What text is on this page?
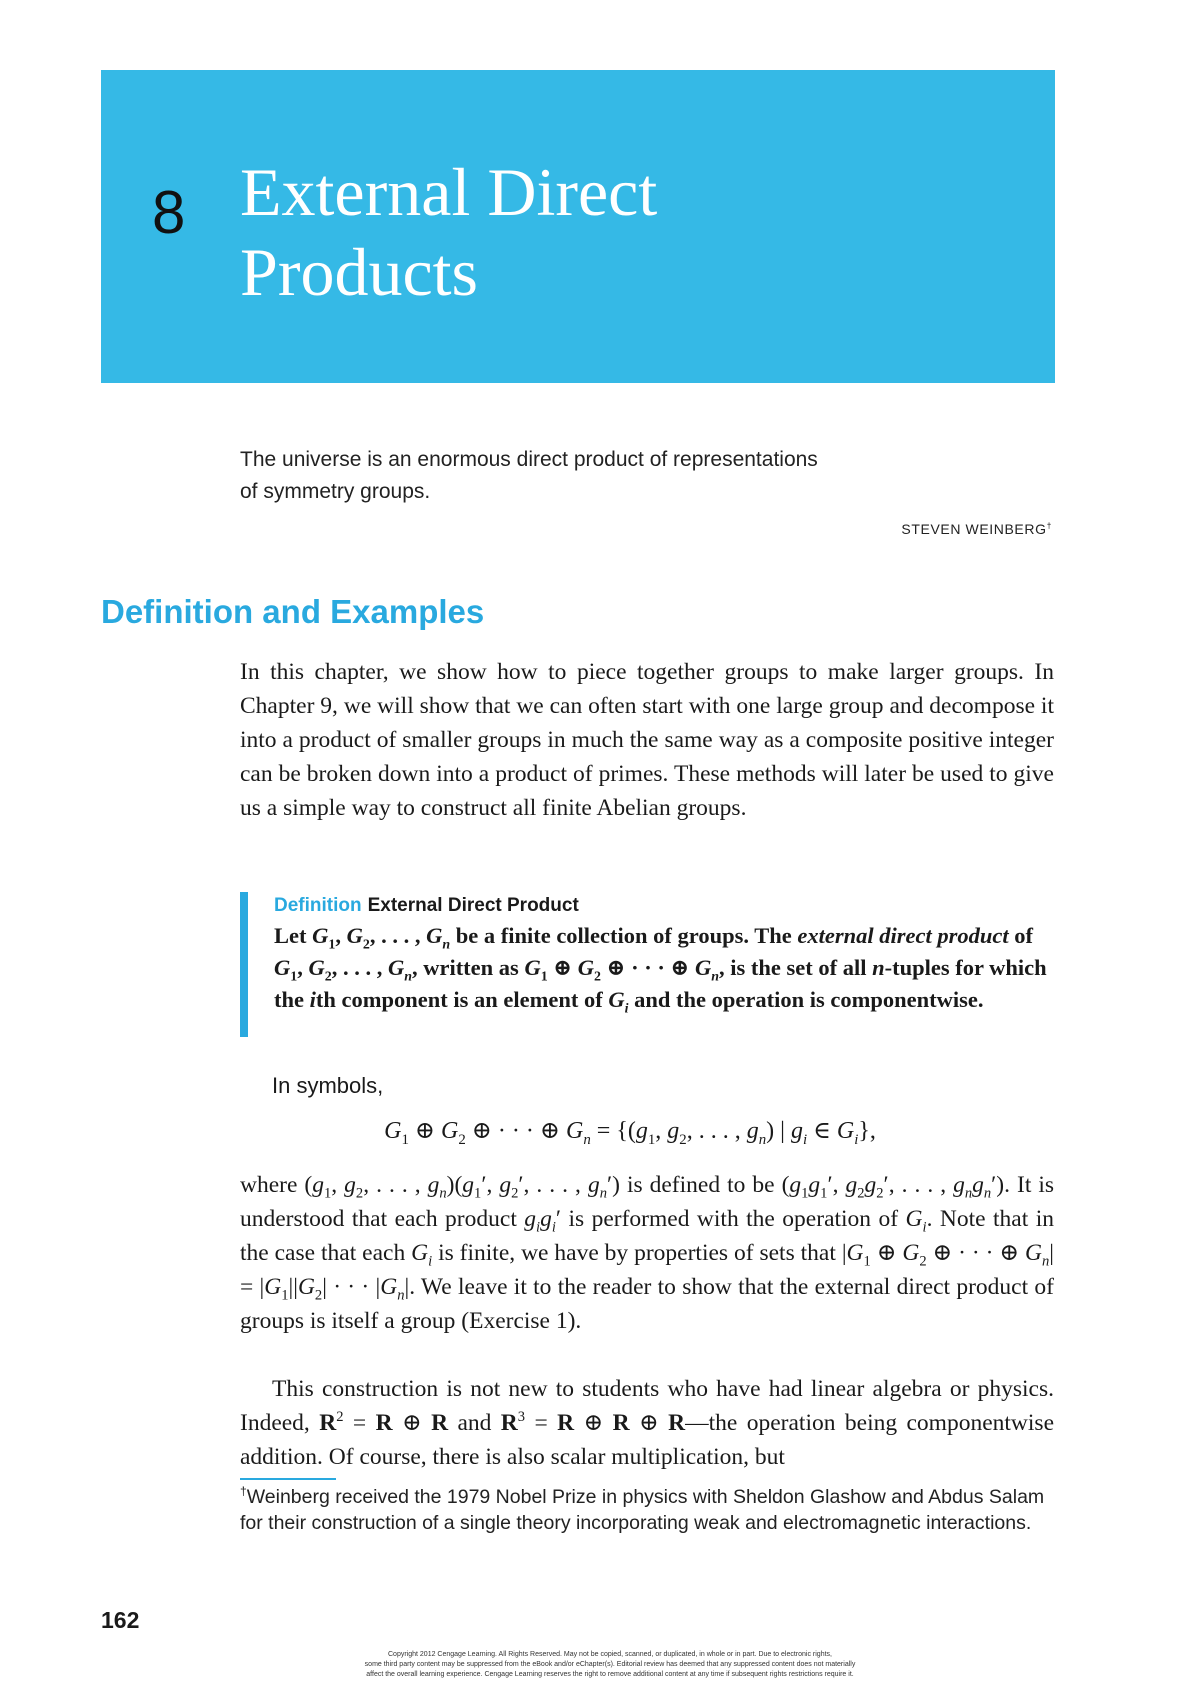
8 External Direct
Products
The universe is an enormous direct product of representations
of symmetry groups.
STEVEN WEINBERG†
Definition and Examples
In this chapter, we show how to piece together groups to make larger groups. In Chapter 9, we will show that we can often start with one large group and decompose it into a product of smaller groups in much the same way as a composite positive integer can be broken down into a product of primes. These methods will later be used to give us a simple way to construct all finite Abelian groups.
Definition External Direct Product
Let $G_1$, $G_2$, . . . , $G_n$ be a finite collection of groups. The external direct product of $G_1$, $G_2$, . . . , $G_n$, written as $G_1$ ⊕ $G_2$ ⊕ · · · ⊕ $G_n$, is the set of all n-tuples for which the ith component is an element of $G_i$ and the operation is componentwise.
In symbols,
$G_1$ ⊕ $G_2$ ⊕ · · · ⊕ $G_n = \{(g_1$, $g_2$, . . . , $g_n$) | $g_i$ ∈ $G_i$},
where ($g_1$, $g_2$, . . . , $g_n)(g_1'$, $g_2'$, . . . , $g_n'$) is defined to be ($g_1g_1'$, $g_2g_2'$, . . . , $g_ng_n'$). It is understood that each product $g_ig_i'$ is performed with the operation of $G_i$. Note that in the case that each $G_i$ is finite, we have by properties of sets that $|G_1$ ⊕ $G_2$ ⊕ · · · ⊕ $G_n| = |G_1||G_2|$ · · · $|G_n|$. We leave it to the reader to show that the external direct product of groups is itself a group (Exercise 1).
This construction is not new to students who have had linear algebra or physics. Indeed, $R^2 = R$ ⊕ R and $R^3 = R$ ⊕ R ⊕ R—the operation being componentwise addition. Of course, there is also scalar multiplication, but
†Weinberg received the 1979 Nobel Prize in physics with Sheldon Glashow and Abdus Salam for their construction of a single theory incorporating weak and electromagnetic interactions.
162
Copyright 2012 Cengage Learning. All Rights Reserved. May not be copied, scanned, or duplicated, in whole or in part. Due to electronic rights,
some third party content may be suppressed from the eBook and/or eChapter(s). Editorial review has deemed that any suppressed content does not materially
affect the overall learning experience. Cengage Learning reserves the right to remove additional content at any time if subsequent rights restrictions require it.
